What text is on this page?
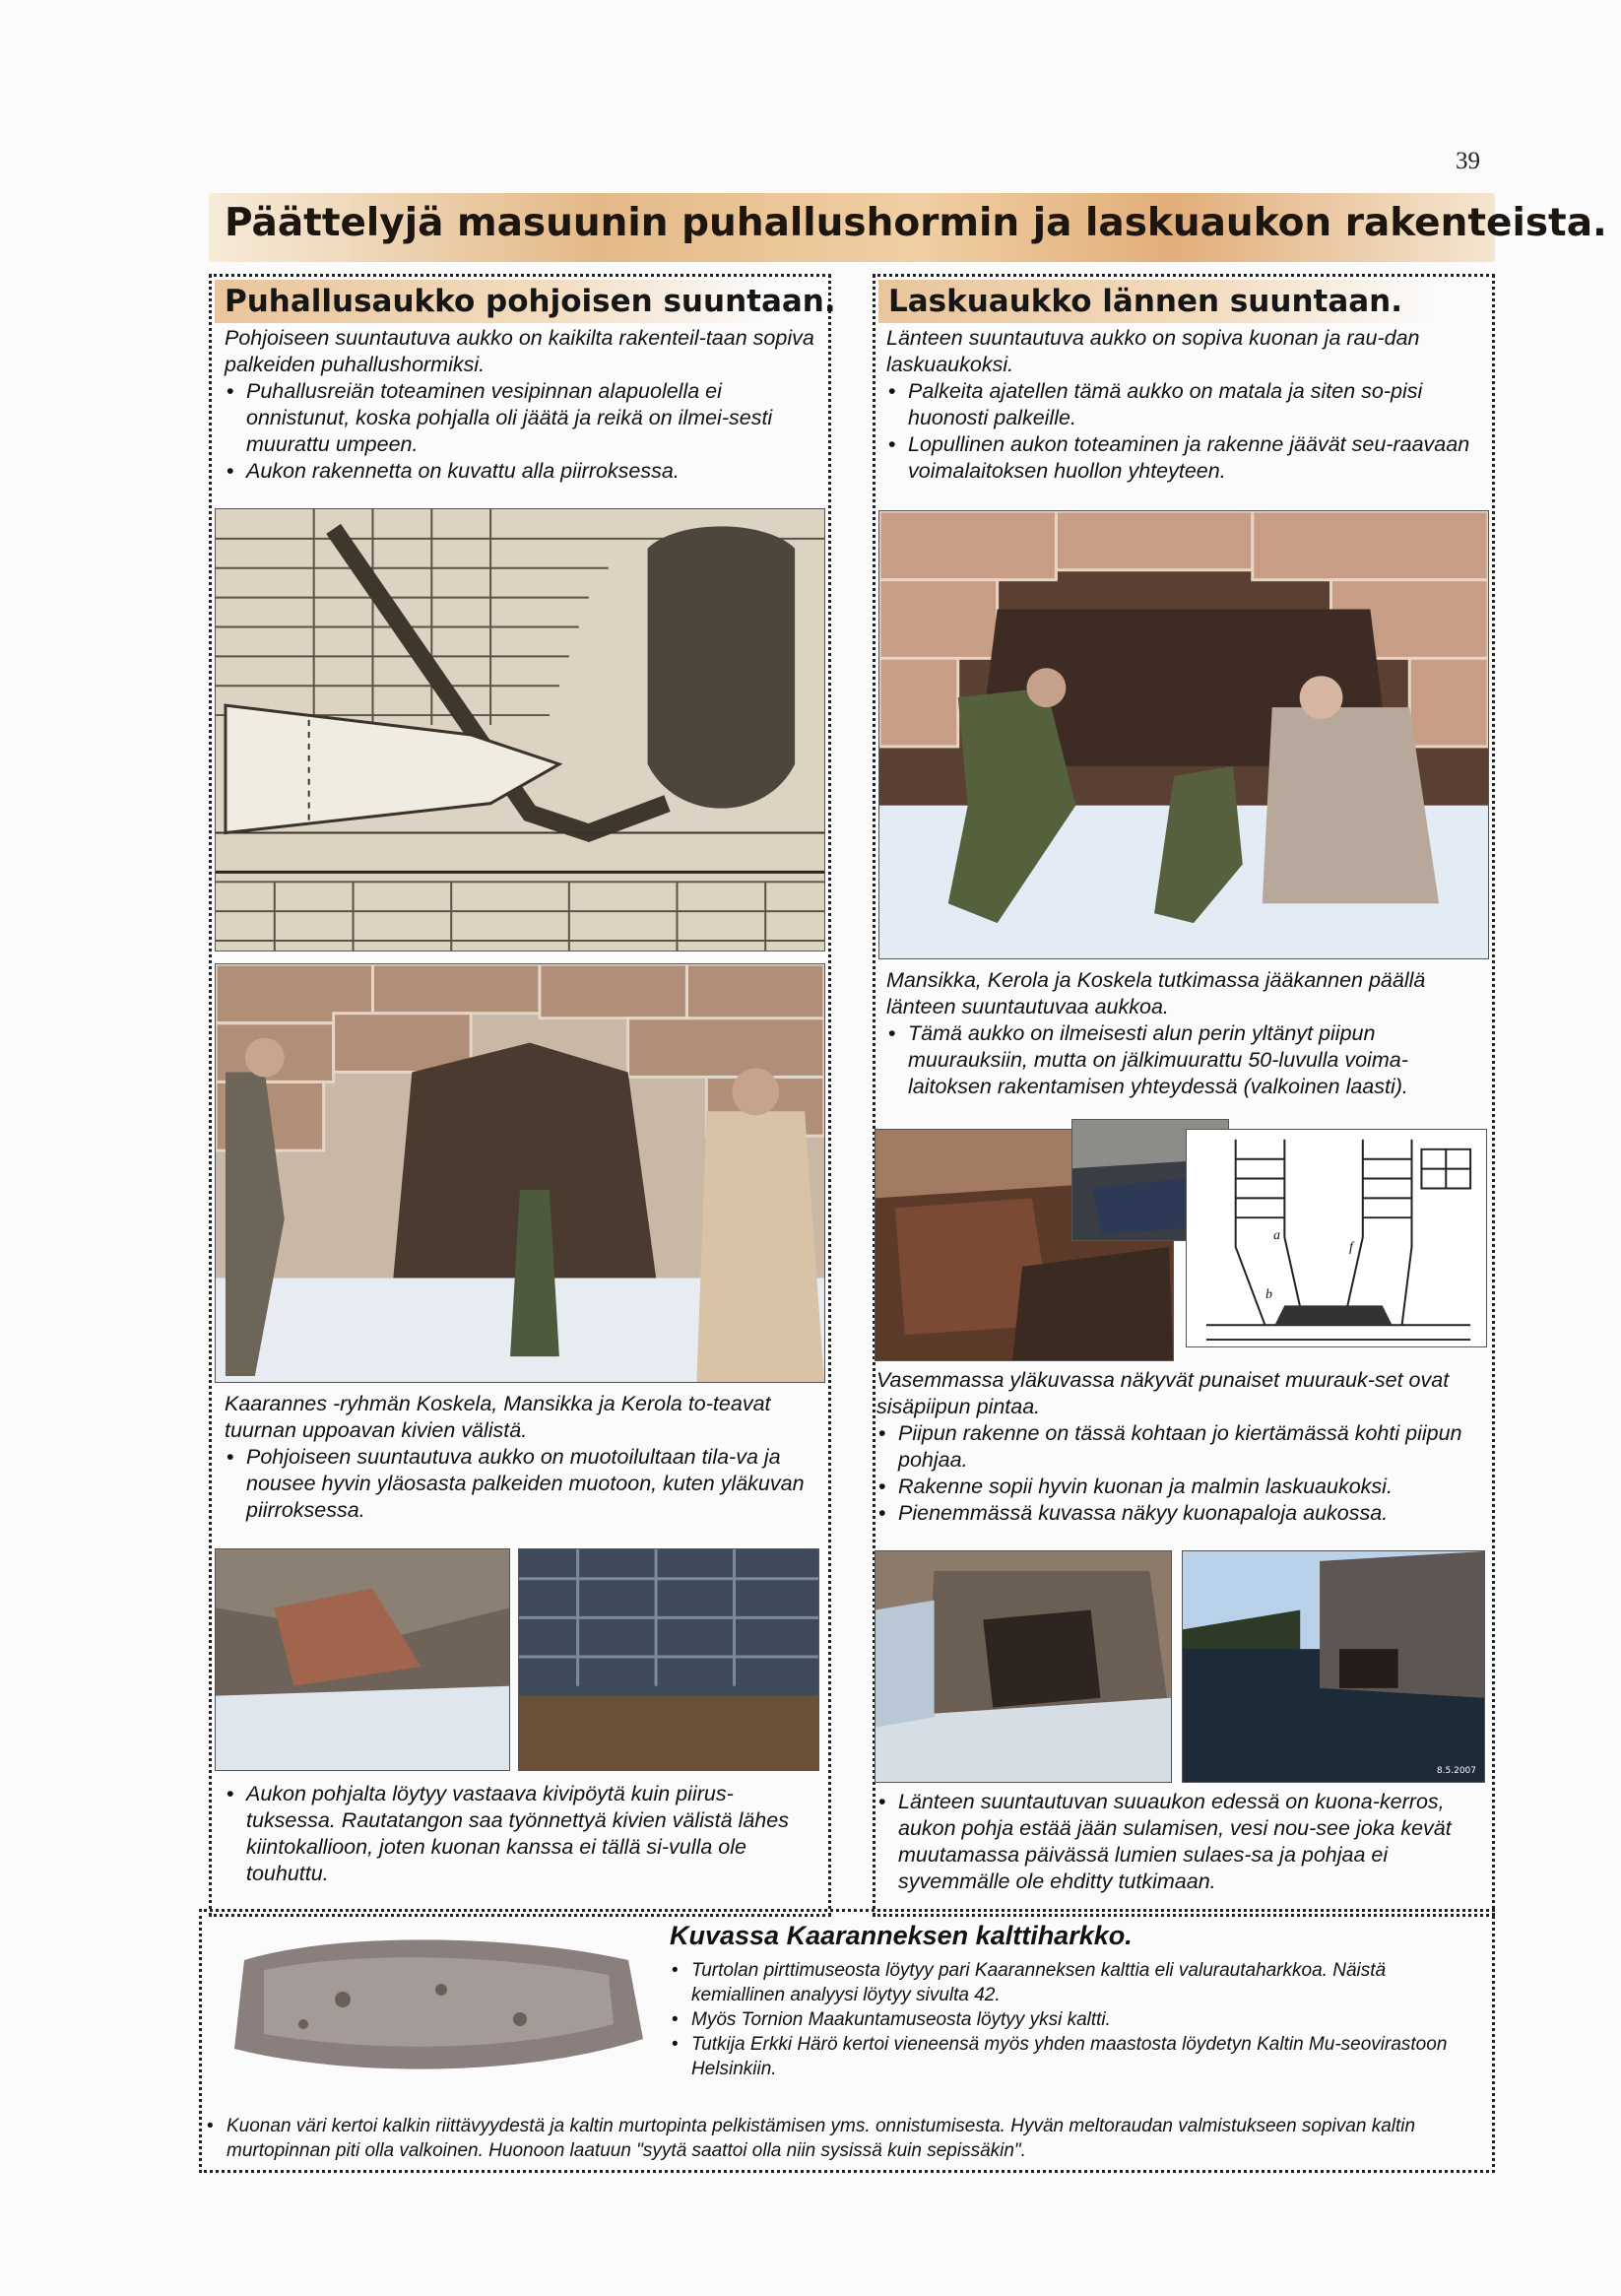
39
Päättelyjä masuunin puhallushormin ja laskuaukon rakenteista.
Puhallusaukko pohjoisen suuntaan.

Pohjoiseen suuntautuva aukko on kaikilta rakenteil-taan sopiva palkeiden puhallushormiksi.

• Puhallusreiän toteaminen vesipinnan alapuolella ei onnistunut, koska pohjalla oli jäätä ja reikä on ilmei-sesti muurattu umpeen.
• Aukon rakennetta on kuvattu alla piirroksessa.

Kaarannes -ryhmän Koskela, Mansikka ja Kerola to-teavat tuurnan uppoavan kivien välistä.

• Pohjoiseen suuntautuva aukko on muotoilultaan tila-va ja nousee hyvin yläosasta palkeiden muotoon, kuten yläkuvan piirroksessa.
• Aukon pohjalta löytyy vastaava kivipöytä kuin piirus-tuksessa. Rautatangon saa työnnettyä kivien välistä lähes kiintokallioon, joten kuonan kanssa ei tällä si-vulla ole touhuttu.
Laskuaukko lännen suuntaan.

Länteen suuntautuva aukko on sopiva kuonan ja rau-dan laskuaukoksi.

• Palkeita ajatellen tämä aukko on matala ja siten so-pisi huonosti palkeille.
• Lopullinen aukon toteaminen ja rakenne jäävät seu-raavaan voimalaitoksen huollon yhteyteen.

Mansikka, Kerola ja Koskela tutkimassa jääkannen päällä länteen suuntautuvaa aukkoa.

• Tämä aukko on ilmeisesti alun perin yltänyt piipun muurauksiin, mutta on jälkimuurattu 50-luvulla voima-laitoksen rakentamisen yhteydessä (valkoinen laasti).
a
f
b

Vasemmassa yläkuvassa näkyvät punaiset muurauk-set ovat sisäpiipun pintaa.

• Piipun rakenne on tässä kohtaan jo kiertämässä kohti piipun pohjaa.
• Rakenne sopii hyvin kuonan ja malmin laskuaukoksi.
• Pienemmässä kuvassa näkyy kuonapaloja aukossa.
8.5.2007
• Länteen suuntautuvan suuaukon edessä on kuona-kerros, aukon pohja estää jään sulamisen, vesi nou-see joka kevät muutamassa päivässä lumien sulaes-sa ja pohjaa ei syvemmälle ole ehditty tutkimaan.
Kuvassa Kaaranneksen kalttiharkko.
• Turtolan pirttimuseosta löytyy pari Kaaranneksen kalttia eli valurautaharkkoa. Näistä kemiallinen analyysi löytyy sivulta 42.
• Myös Tornion Maakuntamuseosta löytyy yksi kaltti.
• Tutkija Erkki Härö kertoi vieneensä myös yhden maastosta löydetyn Kaltin Mu-seovirastoon Helsinkiin.
• Kuonan väri kertoi kalkin riittävyydestä ja kaltin murtopinta pelkistämisen yms. onnistumisesta. Hyvän meltoraudan valmistukseen sopivan kaltin murtopinnan piti olla valkoinen. Huonoon laatuun "syytä saattoi olla niin sysissä kuin sepissäkin".
